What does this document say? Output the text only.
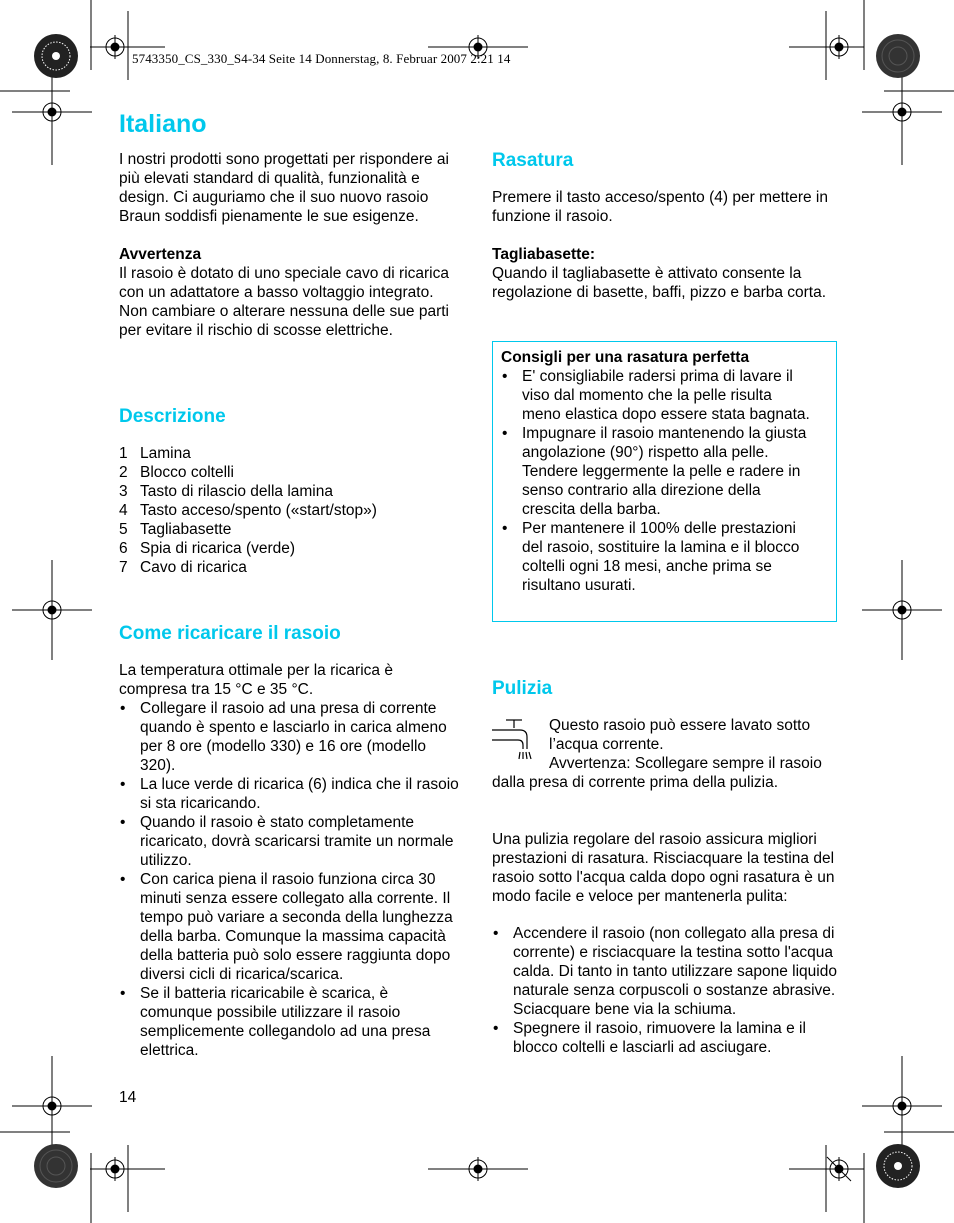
5743350_CS_330_S4-34 Seite 14 Donnerstag, 8. Februar 2007 2:21 14
Italiano
I nostri prodotti sono progettati per rispondere ai più elevati standard di qualità, funzionalità e design. Ci auguriamo che il suo nuovo rasoio Braun soddisfi pienamente le sue esigenze.
Avvertenza
Il rasoio è dotato di uno speciale cavo di ricarica con un adattatore a basso voltaggio integrato. Non cambiare o alterare nessuna delle sue parti per evitare il rischio di scosse elettriche.
Descrizione
1 Lamina
2 Blocco coltelli
3 Tasto di rilascio della lamina
4 Tasto acceso/spento («start/stop»)
5 Tagliabasette
6 Spia di ricarica (verde)
7 Cavo di ricarica
Come ricaricare il rasoio
La temperatura ottimale per la ricarica è compresa tra 15 °C e 35 °C.
• Collegare il rasoio ad una presa di corrente quando è spento e lasciarlo in carica almeno per 8 ore (modello 330) e 16 ore (modello 320).
• La luce verde di ricarica (6) indica che il rasoio si sta ricaricando.
• Quando il rasoio è stato completamente ricaricato, dovrà scaricarsi tramite un normale utilizzo.
• Con carica piena il rasoio funziona circa 30 minuti senza essere collegato alla corrente. Il tempo può variare a seconda della lunghezza della barba. Comunque la massima capacità della batteria può solo essere raggiunta dopo diversi cicli di ricarica/scarica.
• Se il batteria ricaricabile è scarica, è comunque possibile utilizzare il rasoio semplicemente collegandolo ad una presa elettrica.
14
Rasatura
Premere il tasto acceso/spento (4) per mettere in funzione il rasoio.
Tagliabasette:
Quando il tagliabasette è attivato consente la regolazione di basette, baffi, pizzo e barba corta.
Consigli per una rasatura perfetta
• E' consigliabile radersi prima di lavare il viso dal momento che la pelle risulta meno elastica dopo essere stata bagnata.
• Impugnare il rasoio mantenendo la giusta angolazione (90°) rispetto alla pelle. Tendere leggermente la pelle e radere in senso contrario alla direzione della crescita della barba.
• Per mantenere il 100% delle prestazioni del rasoio, sostituire la lamina e il blocco coltelli ogni 18 mesi, anche prima se risultano usurati.
Pulizia
Questo rasoio può essere lavato sotto l’acqua corrente.
Avvertenza: Scollegare sempre il rasoio dalla presa di corrente prima della pulizia.
Una pulizia regolare del rasoio assicura migliori prestazioni di rasatura. Risciacquare la testina del rasoio sotto l'acqua calda dopo ogni rasatura è un modo facile e veloce per mantenerla pulita:
• Accendere il rasoio (non collegato alla presa di corrente) e risciacquare la testina sotto l'acqua calda. Di tanto in tanto utilizzare sapone liquido naturale senza corpuscoli o sostanze abrasive. Sciacquare bene via la schiuma.
• Spegnere il rasoio, rimuovere la lamina e il blocco coltelli e lasciarli ad asciugare.
